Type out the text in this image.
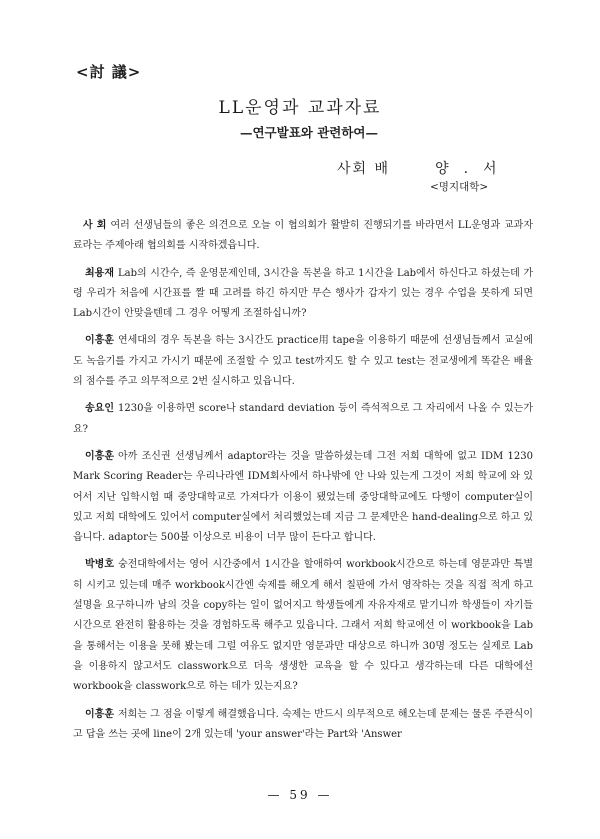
<討 議>
LL운영과 교과자료
—연구발표와 관련하여—
사회 배       양  .  서
<명지대학>

사 회 여러 선생님들의 좋은 의견으로 오늘 이 협의회가 활발히 진행되기를 바라면서 LL운영과 교과자료라는 주제아래 협의회를 시작하겠읍니다.

최용재 Lab의 시간수, 즉 운영문제인데, 3시간을 독본을 하고 1시간을 Lab에서 하신다고 하셨는데 가령 우리가 처음에 시간표를 짤 때 고려를 하긴 하지만 무슨 행사가 갑자기 있는 경우 수업을 못하게 되면 Lab시간이 안맞을텐데 그 경우 어떻게 조절하십니까?

이흥훈 연세대의 경우 독본을 하는 3시간도 practice用 tape을 이용하기 때문에 선생님들께서 교실에도 녹음기를 가지고 가시기 때문에 조절할 수 있고 test까지도 할 수 있고 test는 전교생에게 똑같은 배율의 점수를 주고 의무적으로 2번 실시하고 있읍니다.

송요인 1230을 이용하면 score나 standard deviation 등이 즉석적으로 그 자리에서 나올 수 있는가요?

이흥훈 아까 조신권 선생님께서 adaptor라는 것을 말씀하셨는데 그전 저희 대학에 없고 IDM 1230 Mark Scoring Reader는 우리나라엔 IDM회사에서 하나밖에 안 나와 있는게 그것이 저희 학교에 와 있어서 지난 입학시험 때 중앙대학교로 가져다가 이용이 됐었는데 중앙대학교에도 다행이 computer실이 있고 저희 대학에도 있어서 computer실에서 처리했었는데 지금 그 문제만은 hand-dealing으로 하고 있읍니다. adaptor는 500불 이상으로 비용이 너무 많이 든다고 합니다.

박병호 숭전대학에서는 영어 시간중에서 1시간을 할애하여 workbook시간으로 하는데 영문과만 특별히 시키고 있는데 매주 workbook시간엔 숙제를 해오게 해서 칠판에 가서 영작하는 것을 직접 적게 하고 설명을 요구하니까 남의 것을 copy하는 일이 없어지고 학생들에게 자유자재로 맡기니까 학생들이 자기들 시간으로 완전히 활용하는 것을 경험하도록 해주고 있읍니다. 그래서 저희 학교에선 이 workbook을 Lab을 통해서는 이용을 못해 봤는데 그럴 여유도 없지만 영문과만 대상으로 하니까 30명 정도는 실제로 Lab을 이용하지 않고서도 classwork으로 더욱 생생한 교육을 할 수 있다고 생각하는데 다른 대학에선 workbook을 classwork으로 하는 데가 있는지요?

이흥훈 저희는 그 점을 이렇게 해결했읍니다. 숙제는 반드시 의무적으로 해오는데 문제는 물론 주관식이고 답을 쓰는 곳에 line이 2개 있는데 'your answer'라는 Part와 'Answer

— 59 —
